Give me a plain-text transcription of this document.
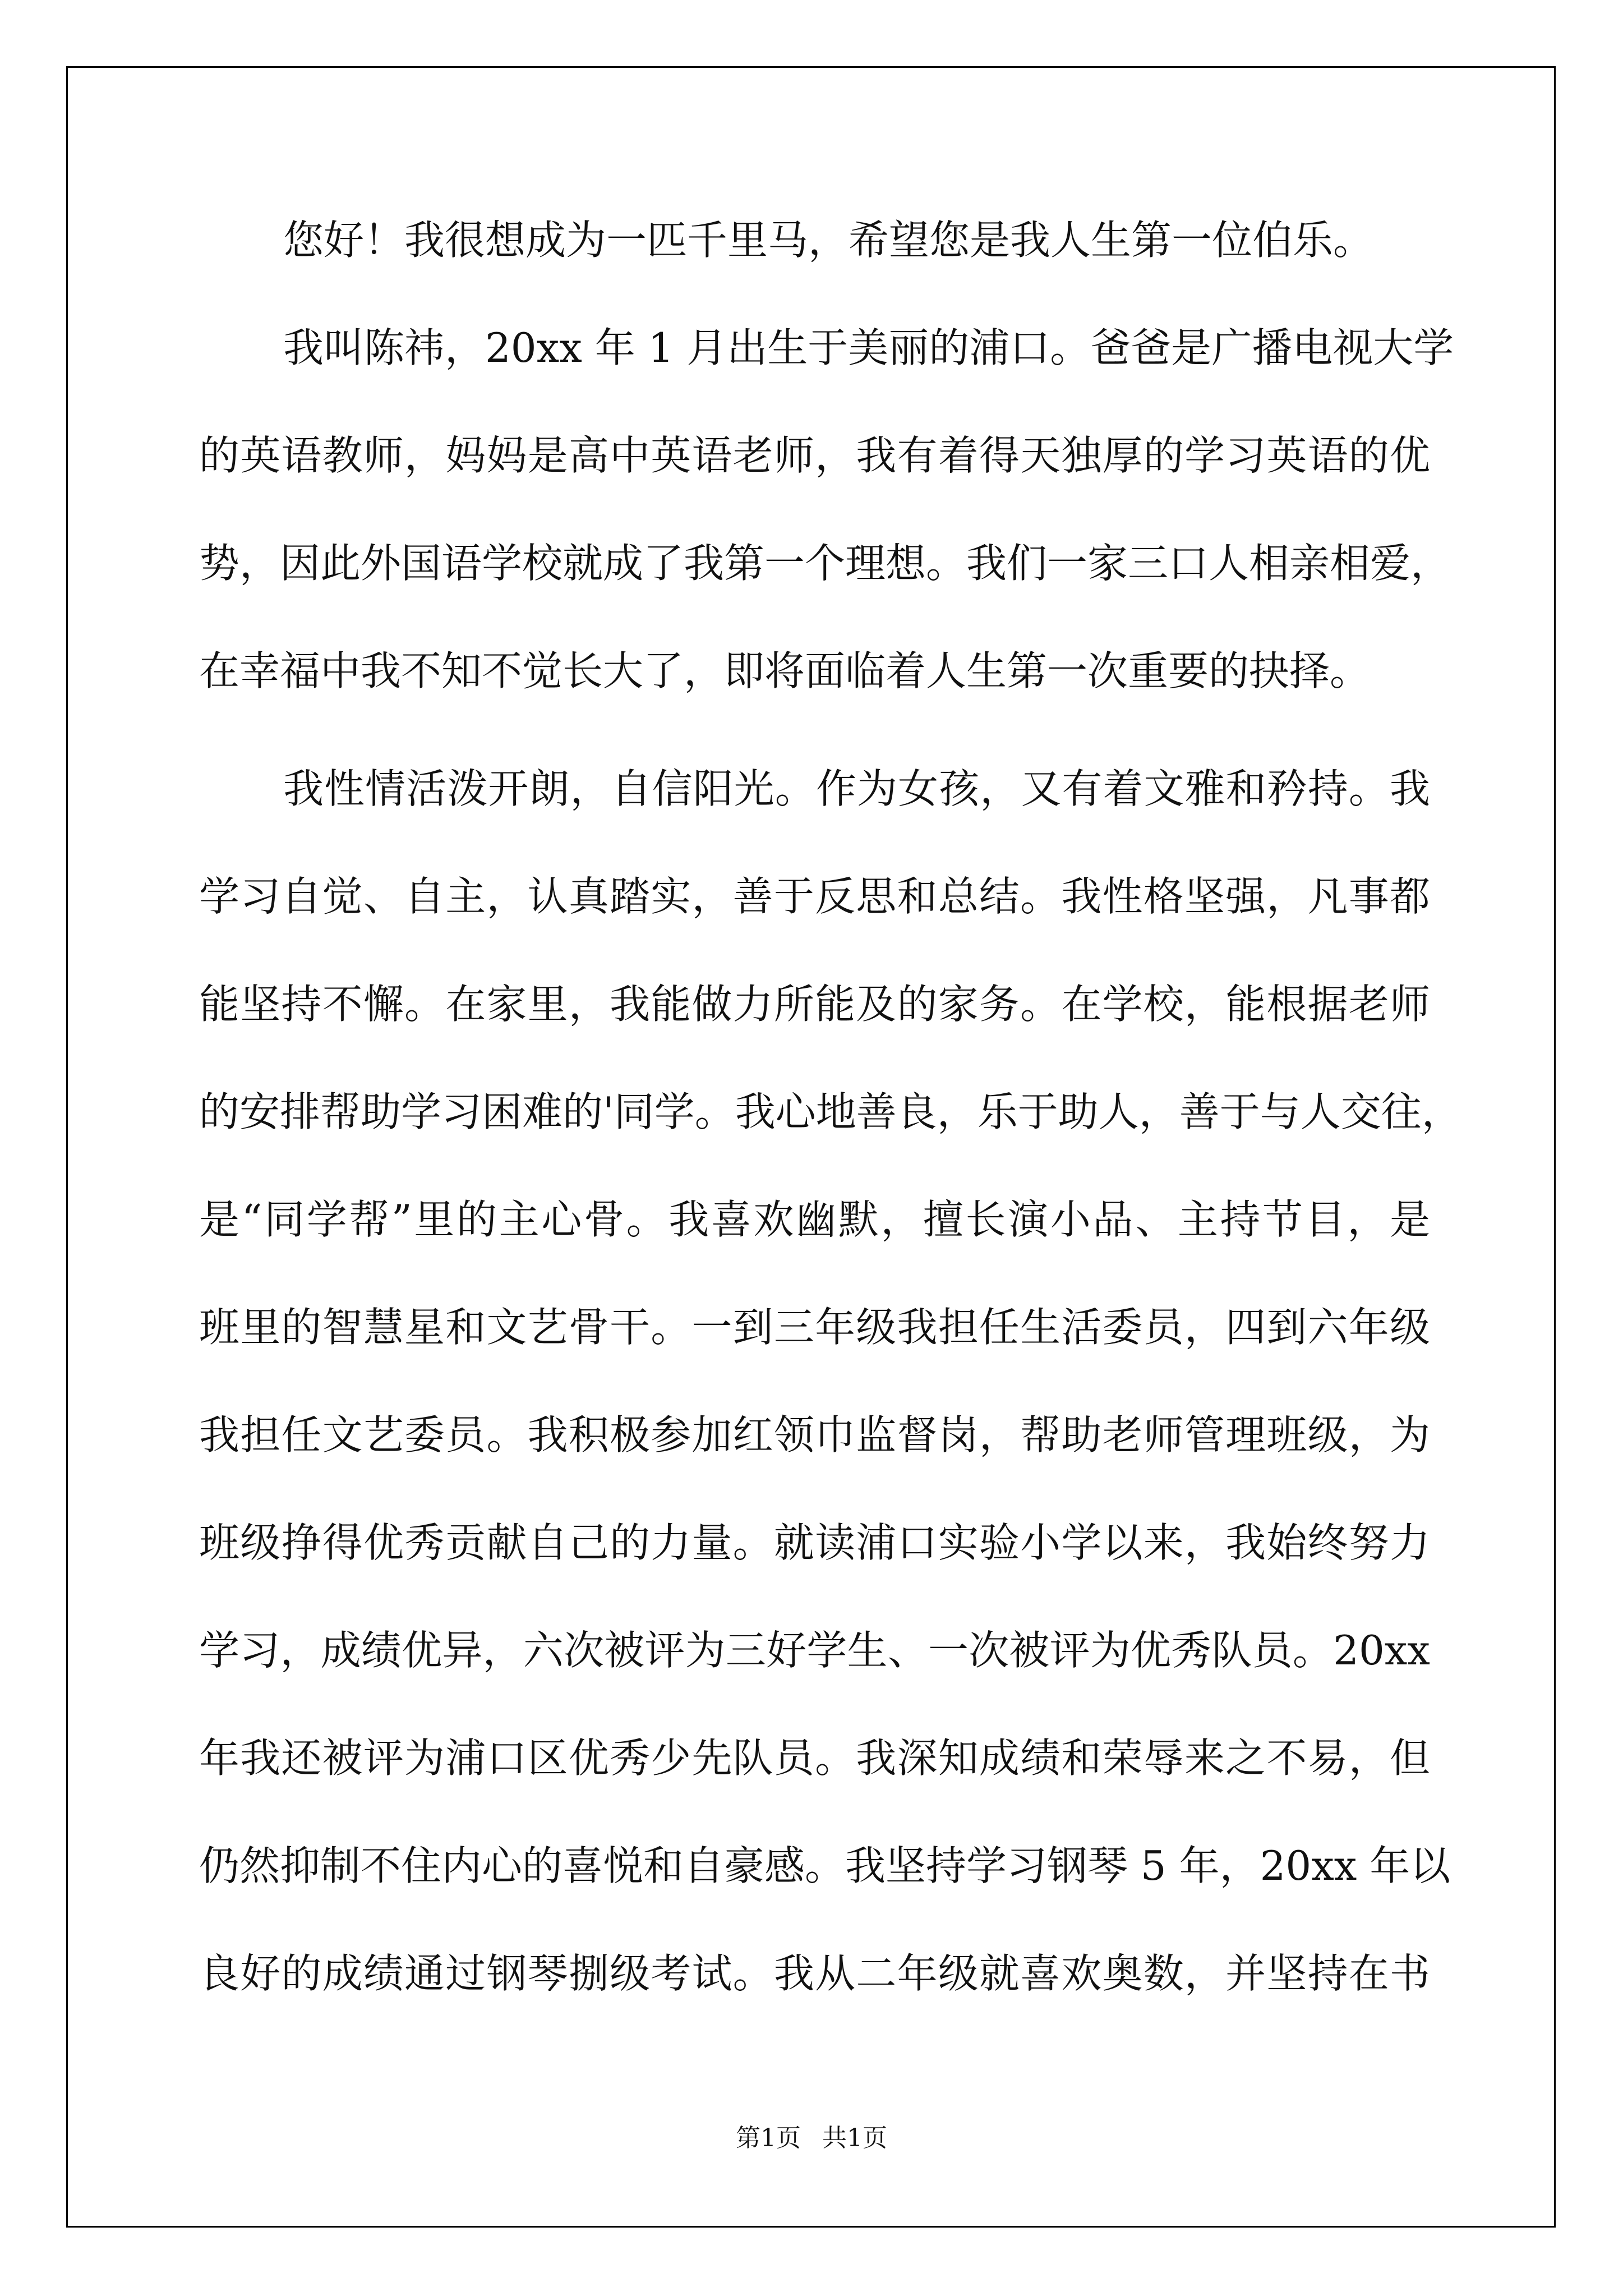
您好！我很想成为一匹千里马，希望您是我人生第一位伯乐。
我叫陈祎，20xx 年 1 月出生于美丽的浦口。爸爸是广播电视大学
的英语教师，妈妈是高中英语老师，我有着得天独厚的学习英语的优
势，因此外国语学校就成了我第一个理想。我们一家三口人相亲相爱，
在幸福中我不知不觉长大了，即将面临着人生第一次重要的抉择。
我性情活泼开朗，自信阳光。作为女孩，又有着文雅和矜持。我
学习自觉、自主，认真踏实，善于反思和总结。我性格坚强，凡事都
能坚持不懈。在家里，我能做力所能及的家务。在学校，能根据老师
的安排帮助学习困难的'同学。我心地善良，乐于助人，善于与人交往，
是“同学帮”里的主心骨。我喜欢幽默，擅长演小品、主持节目，是
班里的智慧星和文艺骨干。一到三年级我担任生活委员，四到六年级
我担任文艺委员。我积极参加红领巾监督岗，帮助老师管理班级，为
班级挣得优秀贡献自己的力量。就读浦口实验小学以来，我始终努力
学习，成绩优异，六次被评为三好学生、一次被评为优秀队员。20xx
年我还被评为浦口区优秀少先队员。我深知成绩和荣辱来之不易，但
仍然抑制不住内心的喜悦和自豪感。我坚持学习钢琴 5 年，20xx 年以
良好的成绩通过钢琴捌级考试。我从二年级就喜欢奥数，并坚持在书
第1页 共1页
